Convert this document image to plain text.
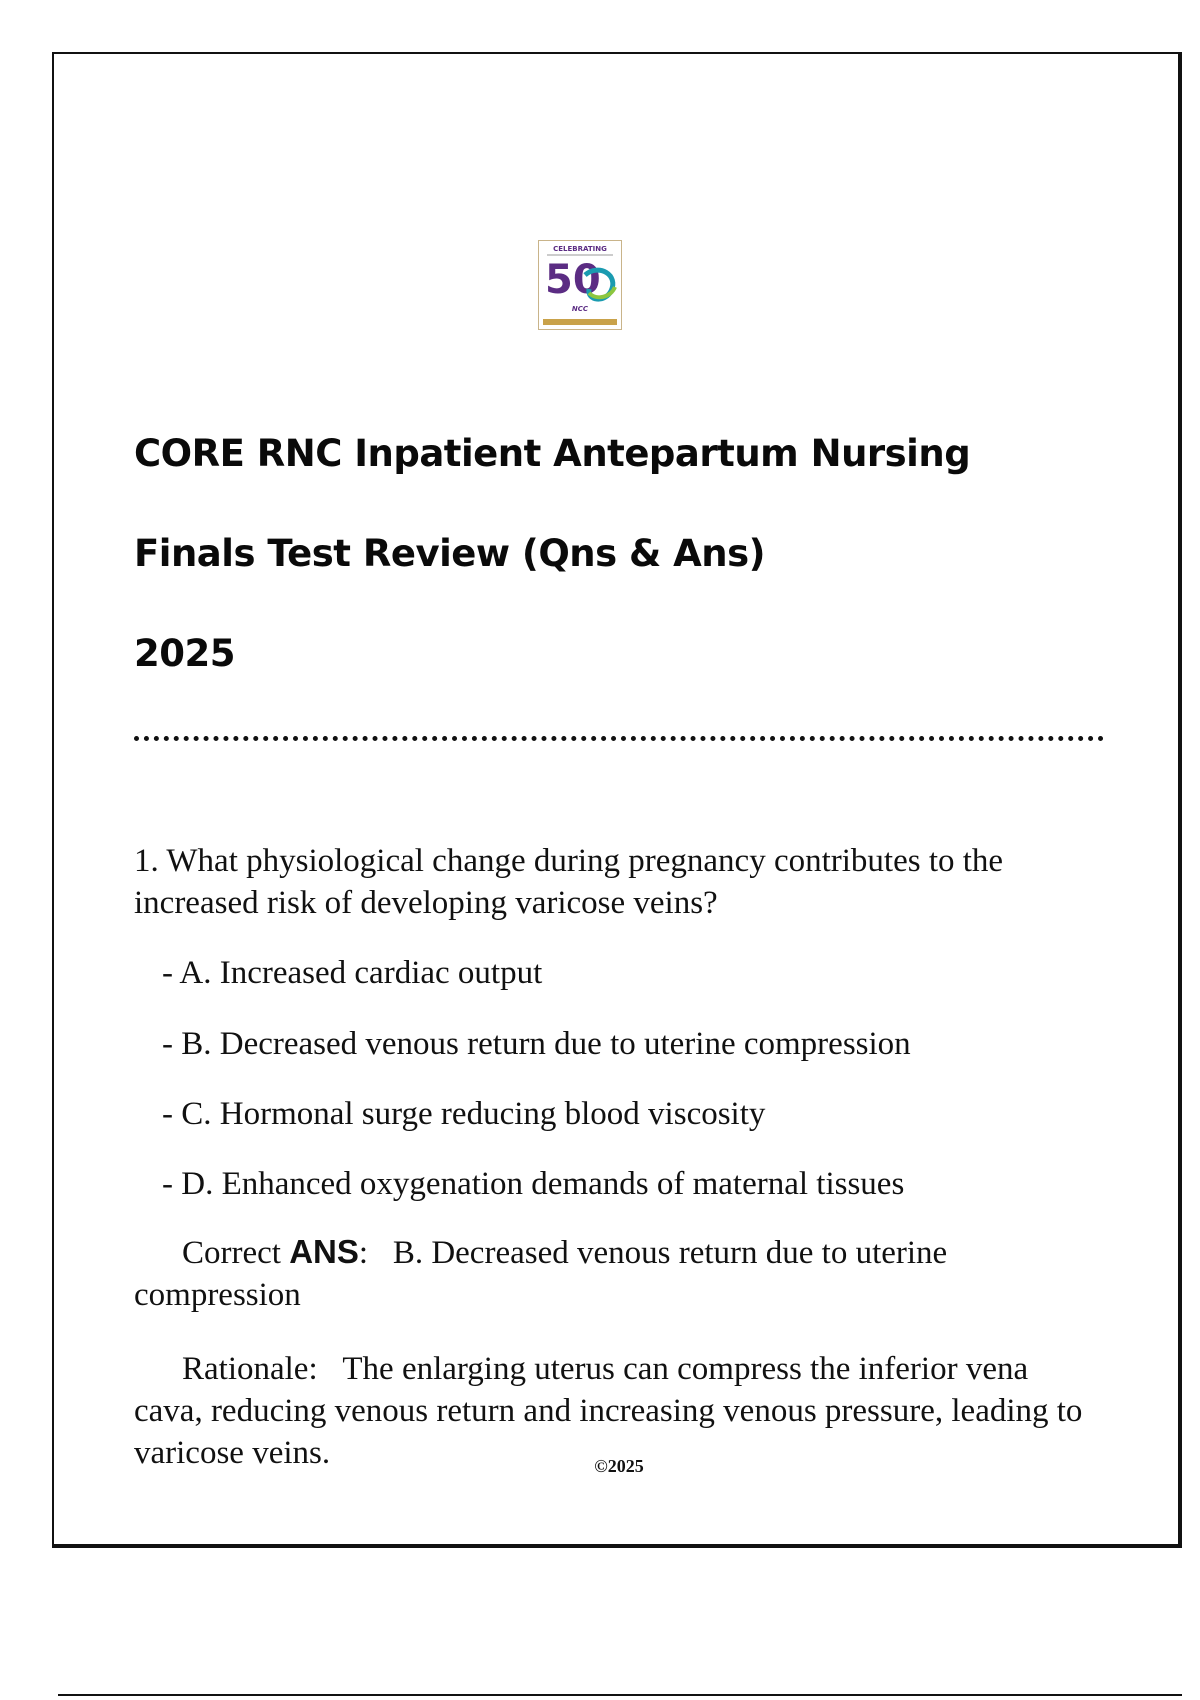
CELEBRATING
50
NCC
CORE RNC Inpatient Antepartum Nursing
Finals Test Review (Qns & Ans)
2025
1. What physiological change during pregnancy contributes to the increased risk of developing varicose veins?
- A. Increased cardiac output
- B. Decreased venous return due to uterine compression
- C. Hormonal surge reducing blood viscosity
- D. Enhanced oxygenation demands of maternal tissues
Correct ANS: B. Decreased venous return due to uterine compression
Rationale: The enlarging uterus can compress the inferior vena cava, reducing venous return and increasing venous pressure, leading to varicose veins.	©2025
